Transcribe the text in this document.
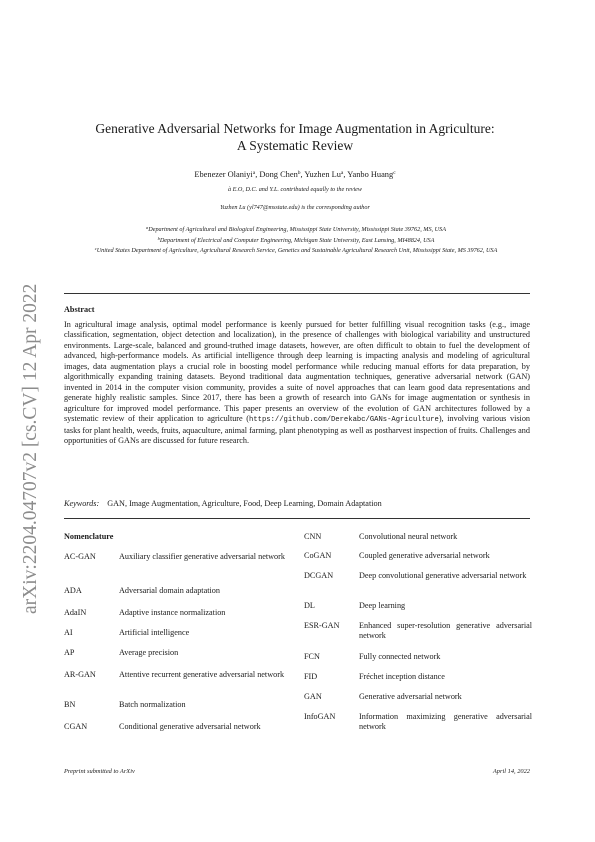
arXiv:2204.04707v2 [cs.CV] 12 Apr 2022
Generative Adversarial Networks for Image Augmentation in Agriculture:
A Systematic Review
Ebenezer Olaniyi$^a$, Dong Chen$^b$, Yuzhen Lu$^a$, Yanbo Huang$^c$
à E.O, D.C. and Y.L. contributed equally to the review
Yuzhen Lu (yl747@msstate.edu) is the corresponding author
$^a$Department of Agricultural and Biological Engineering, Mississippi State University, Mississippi State 39762, MS, USA
$^b$Department of Electrical and Computer Engineering, Michigan State University, East Lansing, MI48824, USA
$^c$United States Department of Agriculture, Agricultural Research Service, Genetics and Sustainable Agricultural Research Unit, Mississippi State, MS 39762, USA
Abstract
In agricultural image analysis, optimal model performance is keenly pursued for better fulfilling visual recognition tasks (e.g., image classification, segmentation, object detection and localization), in the presence of challenges with biological variability and unstructured environments. Large-scale, balanced and ground-truthed image datasets, however, are often difficult to obtain to fuel the development of advanced, high-performance models. As artificial intelligence through deep learning is impacting analysis and modeling of agricultural images, data augmentation plays a crucial role in boosting model performance while reducing manual efforts for data preparation, by algorithmically expanding training datasets. Beyond traditional data augmentation techniques, generative adversarial network (GAN) invented in 2014 in the computer vision community, provides a suite of novel approaches that can learn good data representations and generate highly realistic samples. Since 2017, there has been a growth of research into GANs for image augmentation or synthesis in agriculture for improved model performance. This paper presents an overview of the evolution of GAN architectures followed by a systematic review of their application to agriculture (https://github.com/Derekabc/GANs-Agriculture), involving various vision tasks for plant health, weeds, fruits, aquaculture, animal farming, plant phenotyping as well as postharvest inspection of fruits. Challenges and opportunities of GANs are discussed for future research.
Keywords: GAN, Image Augmentation, Agriculture, Food, Deep Learning, Domain Adaptation
Nomenclature
AC-GAN	Auxiliary classifier generative adversarial network
ADA	Adversarial domain adaptation
AdaIN	Adaptive instance normalization
AI	Artificial intelligence
AP	Average precision
AR-GAN	Attentive recurrent generative adversarial network
BN	Batch normalization
CGAN	Conditional generative adversarial network
CNN	Convolutional neural network
CoGAN	Coupled generative adversarial network
DCGAN	Deep convolutional generative adversarial network
DL	Deep learning
ESR-GAN	Enhanced super-resolution generative adversarial network
FCN	Fully connected network
FID	Fréchet inception distance
GAN	Generative adversarial network
InfoGAN	Information maximizing generative adversarial network
Preprint submitted to ArXiv	April 14, 2022
